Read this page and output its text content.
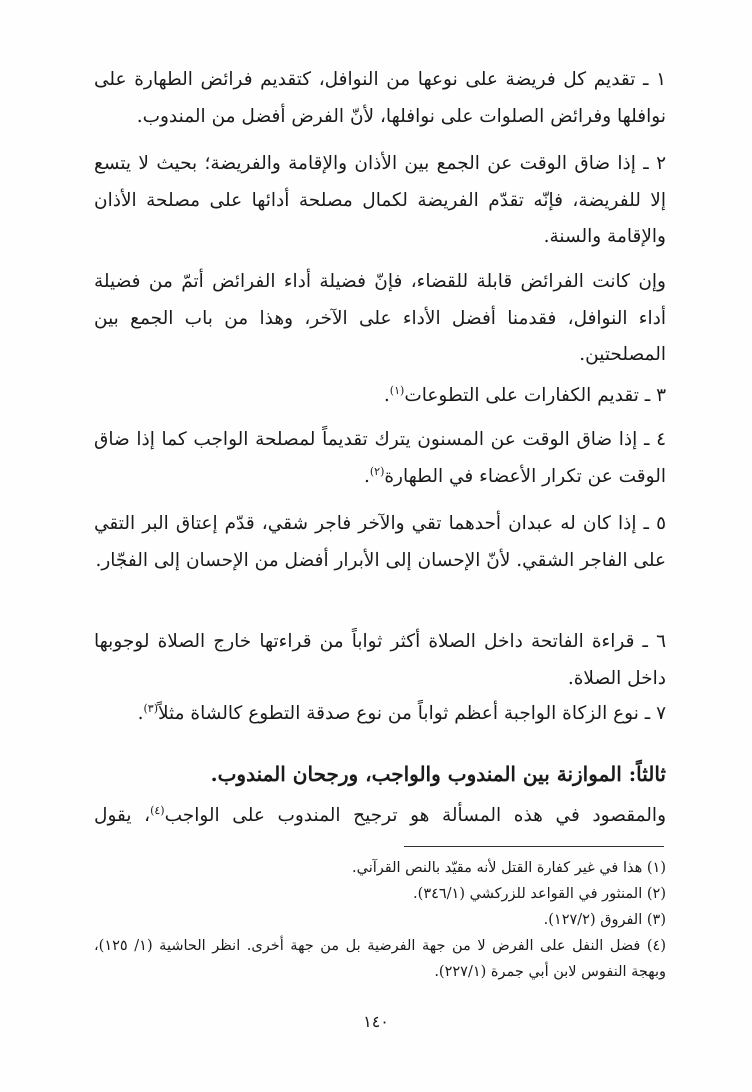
١ ـ تقديم كل فريضة على نوعها من النوافل، كتقديم فرائض الطهارة على نوافلها وفرائض الصلوات على نوافلها، لأنّ الفرض أفضل من المندوب.

٢ ـ إذا ضاق الوقت عن الجمع بين الأذان والإقامة والفريضة؛ بحيث لا يتسع إلا للفريضة، فإنّه تقدّم الفريضة لكمال مصلحة أدائها على مصلحة الأذان والإقامة والسنة.

وإن كانت الفرائض قابلة للقضاء، فإنّ فضيلة أداء الفرائض أتمّ من فضيلة أداء النوافل، فقدمنا أفضل الأداء على الآخر، وهذا من باب الجمع بين المصلحتين.

٣ ـ تقديم الكفارات على التطوعات$^{(١)}$.

٤ ـ إذا ضاق الوقت عن المسنون يترك تقديماً لمصلحة الواجب كما إذا ضاق الوقت عن تكرار الأعضاء في الطهارة$^{(٢)}$.

٥ ـ إذا كان له عبدان أحدهما تقي والآخر فاجر شقي، قدّم إعتاق البر التقي على الفاجر الشقي. لأنّ الإحسان إلى الأبرار أفضل من الإحسان إلى الفجّار.

٦ ـ قراءة الفاتحة داخل الصلاة أكثر ثواباً من قراءتها خارج الصلاة لوجوبها داخل الصلاة.

٧ ـ نوع الزكاة الواجبة أعظم ثواباً من نوع صدقة التطوع كالشاة مثلاً$^{(٣)}$.

ثالثاً: الموازنة بين المندوب والواجب، ورجحان المندوب.

والمقصود في هذه المسألة هو ترجيح المندوب على الواجب$^{(٤)}$، يقول

(١) هذا في غير كفارة القتل لأنه مقيّد بالنص القرآني.

(٢) المنثور في القواعد للزركشي (٣٤٦/١).

(٣) الفروق (١٢٧/٢).

(٤) فضل النفل على الفرض لا من جهة الفرضية بل من جهة أخرى. انظر الحاشية (١/ ١٢٥)، وبهجة النفوس لابن أبي جمرة (٢٢٧/١).

١٤٠
